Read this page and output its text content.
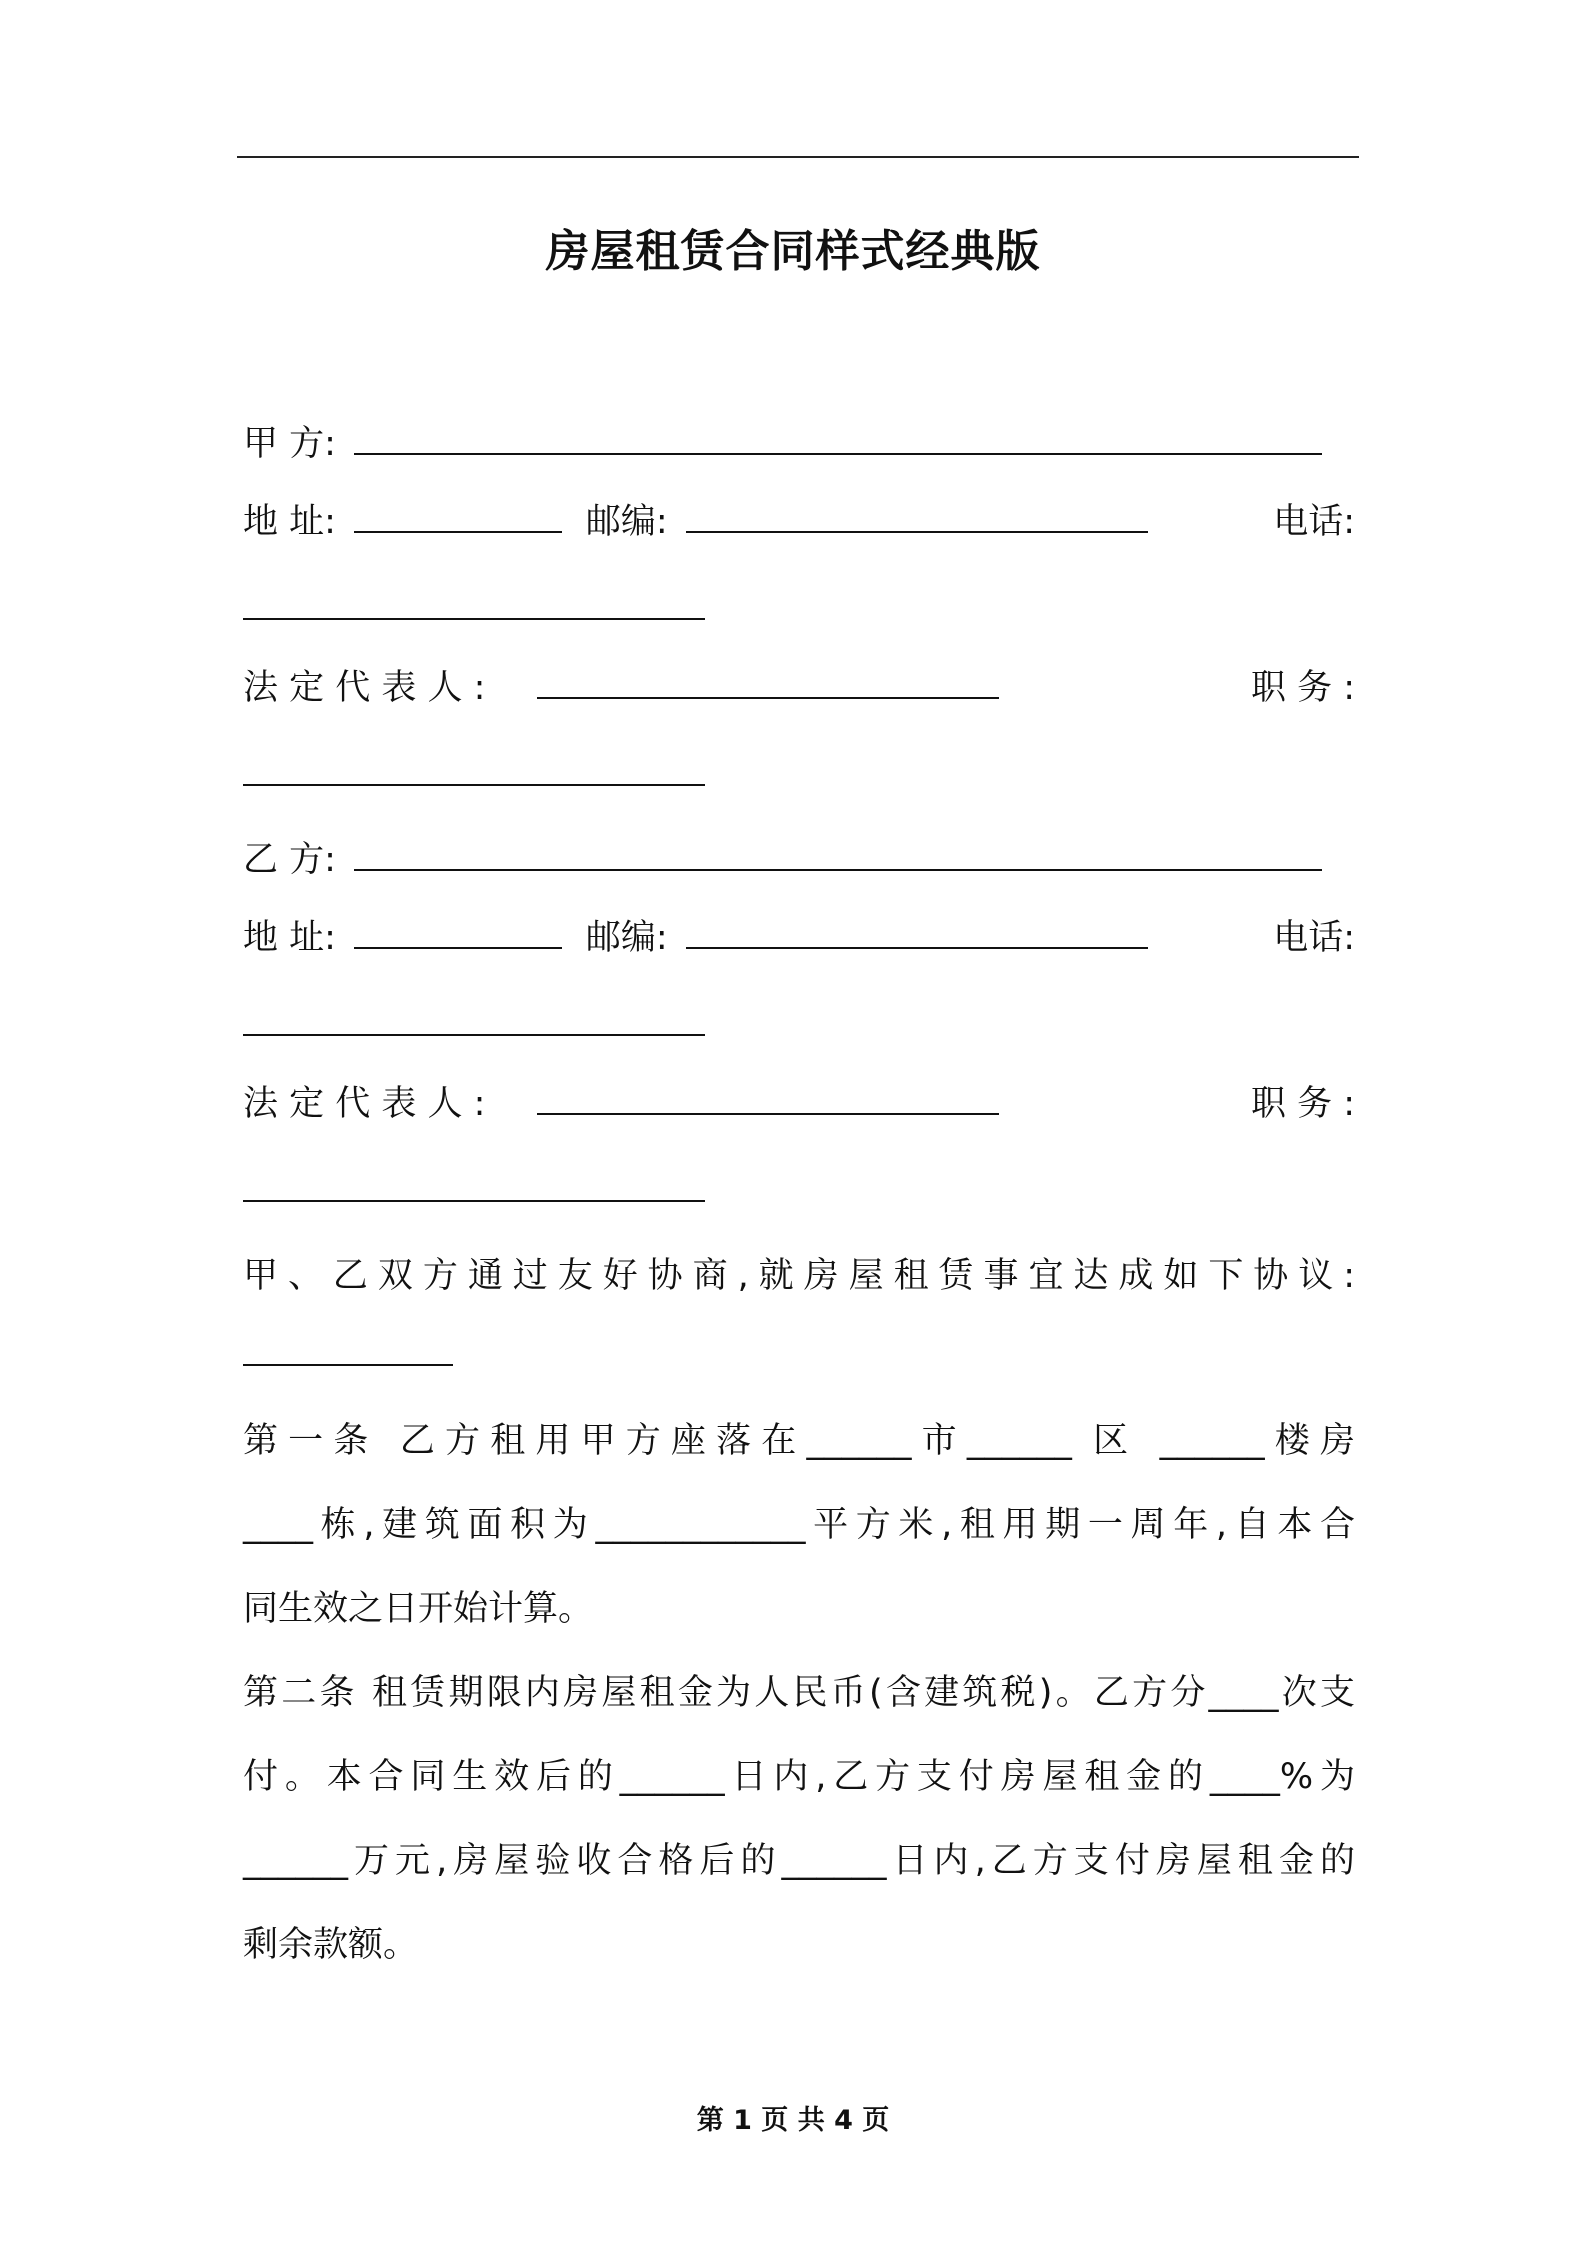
房屋租赁合同样式经典版
甲 方:
地 址:	邮编:	电话:
法 定 代 表 人 :	职 务 :
乙 方:
地 址:	邮编:	电话:
法 定 代 表 人 :	职 务 :
甲、乙双方通过友好协商,就房屋租赁事宜达成如下协议:
第一条 乙方租用甲方座落在______市______ 区 ______楼房
____栋,建筑面积为____________平方米,租用期一周年,自本合
同生效之日开始计算。
第二条 租赁期限内房屋租金为人民币(含建筑税)。乙方分____次支
付。本合同生效后的______日内,乙方支付房屋租金的____%为
______万元,房屋验收合格后的______日内,乙方支付房屋租金的
剩余款额。
第 1 页 共 4 页
